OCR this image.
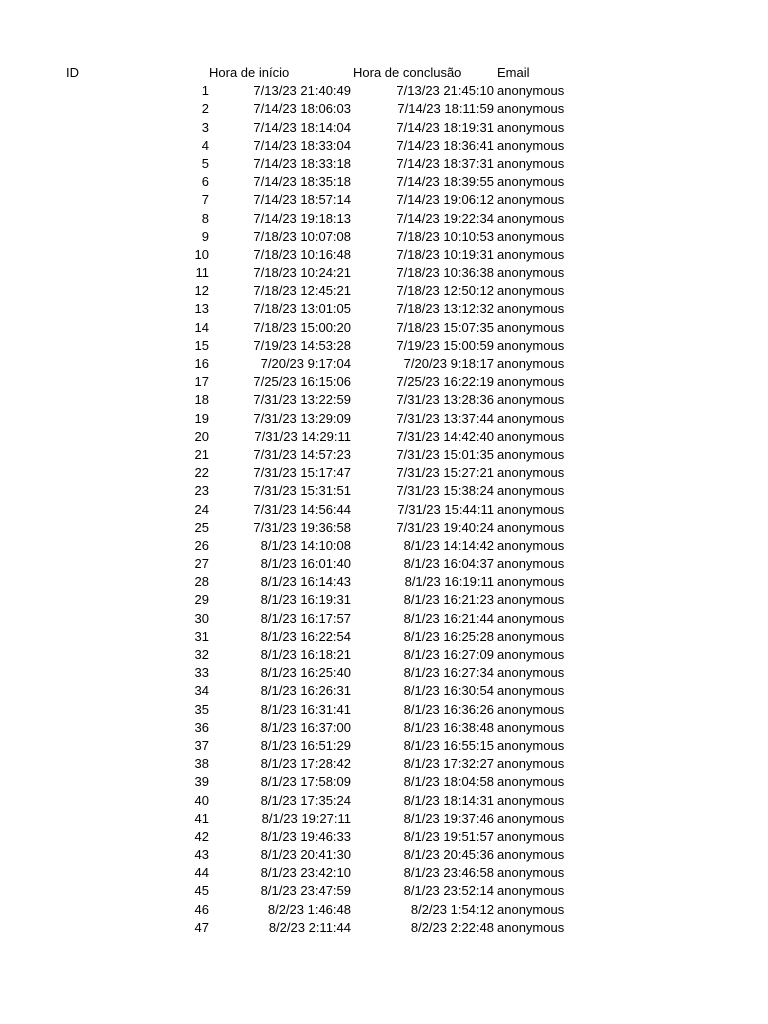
ID	Hora de início	Hora de conclusão	Email
1	7/13/23 21:40:49	7/13/23 21:45:10 anonymous
2	7/14/23 18:06:03	7/14/23 18:11:59 anonymous
3	7/14/23 18:14:04	7/14/23 18:19:31 anonymous
4	7/14/23 18:33:04	7/14/23 18:36:41 anonymous
5	7/14/23 18:33:18	7/14/23 18:37:31 anonymous
6	7/14/23 18:35:18	7/14/23 18:39:55 anonymous
7	7/14/23 18:57:14	7/14/23 19:06:12 anonymous
8	7/14/23 19:18:13	7/14/23 19:22:34 anonymous
9	7/18/23 10:07:08	7/18/23 10:10:53 anonymous
10	7/18/23 10:16:48	7/18/23 10:19:31 anonymous
11	7/18/23 10:24:21	7/18/23 10:36:38 anonymous
12	7/18/23 12:45:21	7/18/23 12:50:12 anonymous
13	7/18/23 13:01:05	7/18/23 13:12:32 anonymous
14	7/18/23 15:00:20	7/18/23 15:07:35 anonymous
15	7/19/23 14:53:28	7/19/23 15:00:59 anonymous
16	7/20/23 9:17:04	7/20/23 9:18:17 anonymous
17	7/25/23 16:15:06	7/25/23 16:22:19 anonymous
18	7/31/23 13:22:59	7/31/23 13:28:36 anonymous
19	7/31/23 13:29:09	7/31/23 13:37:44 anonymous
20	7/31/23 14:29:11	7/31/23 14:42:40 anonymous
21	7/31/23 14:57:23	7/31/23 15:01:35 anonymous
22	7/31/23 15:17:47	7/31/23 15:27:21 anonymous
23	7/31/23 15:31:51	7/31/23 15:38:24 anonymous
24	7/31/23 14:56:44	7/31/23 15:44:11 anonymous
25	7/31/23 19:36:58	7/31/23 19:40:24 anonymous
26	8/1/23 14:10:08	8/1/23 14:14:42 anonymous
27	8/1/23 16:01:40	8/1/23 16:04:37 anonymous
28	8/1/23 16:14:43	8/1/23 16:19:11 anonymous
29	8/1/23 16:19:31	8/1/23 16:21:23 anonymous
30	8/1/23 16:17:57	8/1/23 16:21:44 anonymous
31	8/1/23 16:22:54	8/1/23 16:25:28 anonymous
32	8/1/23 16:18:21	8/1/23 16:27:09 anonymous
33	8/1/23 16:25:40	8/1/23 16:27:34 anonymous
34	8/1/23 16:26:31	8/1/23 16:30:54 anonymous
35	8/1/23 16:31:41	8/1/23 16:36:26 anonymous
36	8/1/23 16:37:00	8/1/23 16:38:48 anonymous
37	8/1/23 16:51:29	8/1/23 16:55:15 anonymous
38	8/1/23 17:28:42	8/1/23 17:32:27 anonymous
39	8/1/23 17:58:09	8/1/23 18:04:58 anonymous
40	8/1/23 17:35:24	8/1/23 18:14:31 anonymous
41	8/1/23 19:27:11	8/1/23 19:37:46 anonymous
42	8/1/23 19:46:33	8/1/23 19:51:57 anonymous
43	8/1/23 20:41:30	8/1/23 20:45:36 anonymous
44	8/1/23 23:42:10	8/1/23 23:46:58 anonymous
45	8/1/23 23:47:59	8/1/23 23:52:14 anonymous
46	8/2/23 1:46:48	8/2/23 1:54:12 anonymous
47	8/2/23 2:11:44	8/2/23 2:22:48 anonymous
